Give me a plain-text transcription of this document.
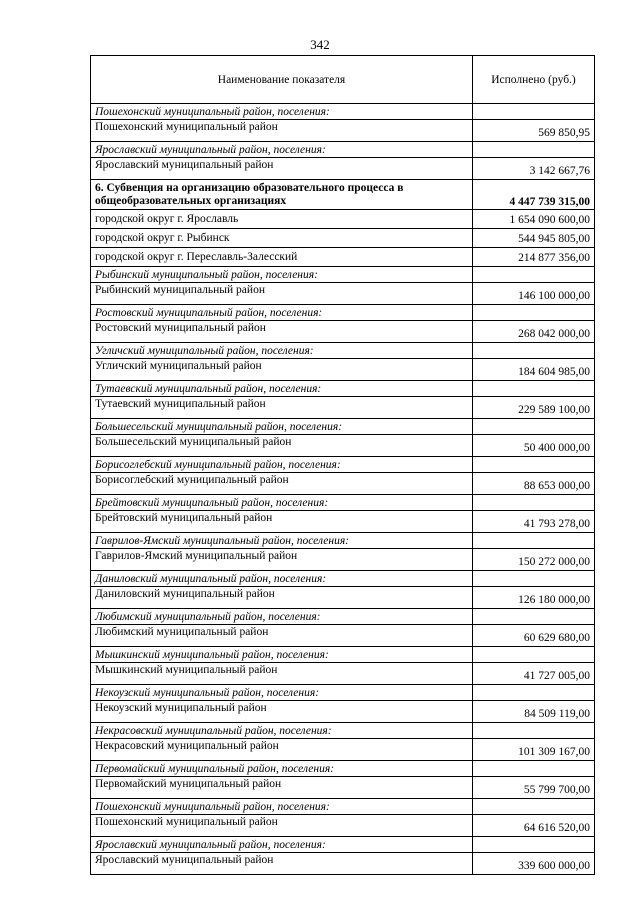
342
Наименование показателя	Исполнено (руб.)
Пошехонский муниципальный район, поселения:	
Пошехонский муниципальный район	569 850,95
Ярославский муниципальный район, поселения:	
Ярославский муниципальный район	3 142 667,76
6. Субвенция на организацию образовательного процесса в общеобразовательных организациях	4 447 739 315,00
городской округ г. Ярославль	1 654 090 600,00
городской округ г. Рыбинск	544 945 805,00
городской округ г. Переславль-Залесский	214 877 356,00
Рыбинский муниципальный район, поселения:	
Рыбинский муниципальный район	146 100 000,00
Ростовский муниципальный район, поселения:	
Ростовский муниципальный район	268 042 000,00
Угличский муниципальный район, поселения:	
Угличский муниципальный район	184 604 985,00
Тутаевский муниципальный район, поселения:	
Тутаевский муниципальный район	229 589 100,00
Большесельский муниципальный район, поселения:	
Большесельский муниципальный район	50 400 000,00
Борисоглебский муниципальный район, поселения:	
Борисоглебский муниципальный район	88 653 000,00
Брейтовский муниципальный район, поселения:	
Брейтовский муниципальный район	41 793 278,00
Гаврилов-Ямский муниципальный район, поселения:	
Гаврилов-Ямский муниципальный район	150 272 000,00
Даниловский муниципальный район, поселения:	
Даниловский муниципальный район	126 180 000,00
Любимский муниципальный район, поселения:	
Любимский муниципальный район	60 629 680,00
Мышкинский муниципальный район, поселения:	
Мышкинский муниципальный район	41 727 005,00
Некоузский муниципальный район, поселения:	
Некоузский муниципальный район	84 509 119,00
Некрасовский муниципальный район, поселения:	
Некрасовский муниципальный район	101 309 167,00
Первомайский муниципальный район, поселения:	
Первомайский муниципальный район	55 799 700,00
Пошехонский муниципальный район, поселения:	
Пошехонский муниципальный район	64 616 520,00
Ярославский муниципальный район, поселения:	
Ярославский муниципальный район	339 600 000,00
